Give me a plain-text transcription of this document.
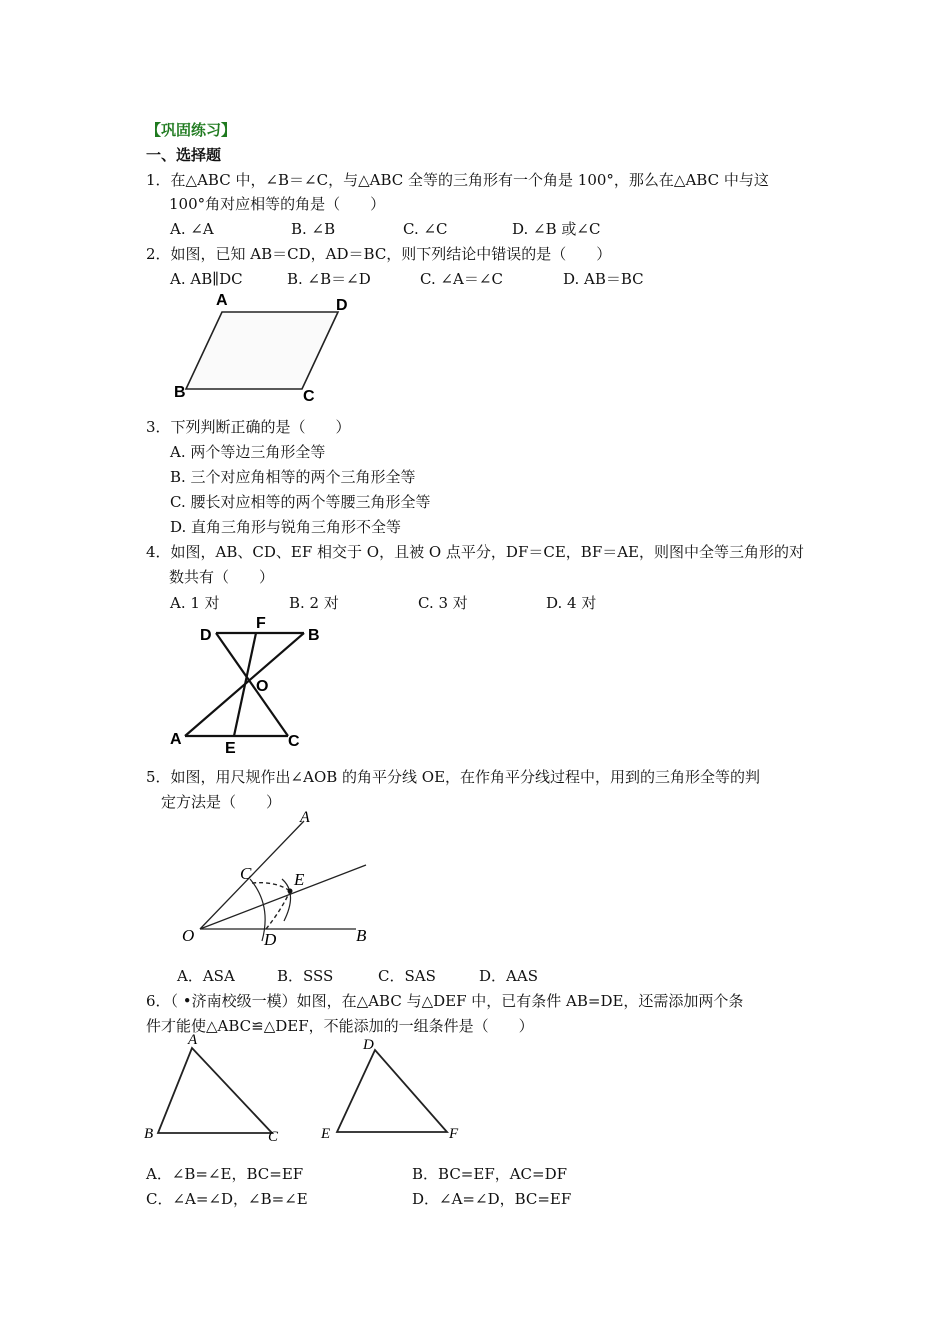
【巩固练习】
一、选择题
1．在△ABC 中，∠B＝∠C，与△ABC 全等的三角形有一个角是 100°，那么在△ABC 中与这
100°角对应相等的角是（　　）
A. ∠A	B. ∠B	C. ∠C	D. ∠B 或∠C
2．如图，已知 AB＝CD，AD＝BC，则下列结论中错误的是（　　）
A. AB∥DC	B. ∠B＝∠D	C. ∠A＝∠C	D. AB＝BC
A	D
B	C
3．下列判断正确的是（　　）
A. 两个等边三角形全等
B. 三个对应角相等的两个三角形全等
C. 腰长对应相等的两个等腰三角形全等
D. 直角三角形与锐角三角形不全等
4．如图，AB、CD、EF 相交于 O，且被 O 点平分，DF＝CE，BF＝AE，则图中全等三角形的对
数共有（　　）
A. 1 对	B. 2 对	C. 3 对	D. 4 对
D
F
B
O
A
E	C
5．如图，用尺规作出∠AOB 的角平分线 OE，在作角平分线过程中，用到的三角形全等的判
定方法是（　　）
A
C	E
O	D	B
A．ASA	B．SSS	C．SAS	D．AAS
6．（ •济南校级一模）如图，在△ABC 与△DEF 中，已有条件 AB=DE，还需添加两个条
件才能使△ABC≌△DEF，不能添加的一组条件是（　　）
A
B	C
D
E	F
A．∠B=∠E，BC=EF	B．BC=EF，AC=DF
C．∠A=∠D，∠B=∠E	D．∠A=∠D，BC=EF
